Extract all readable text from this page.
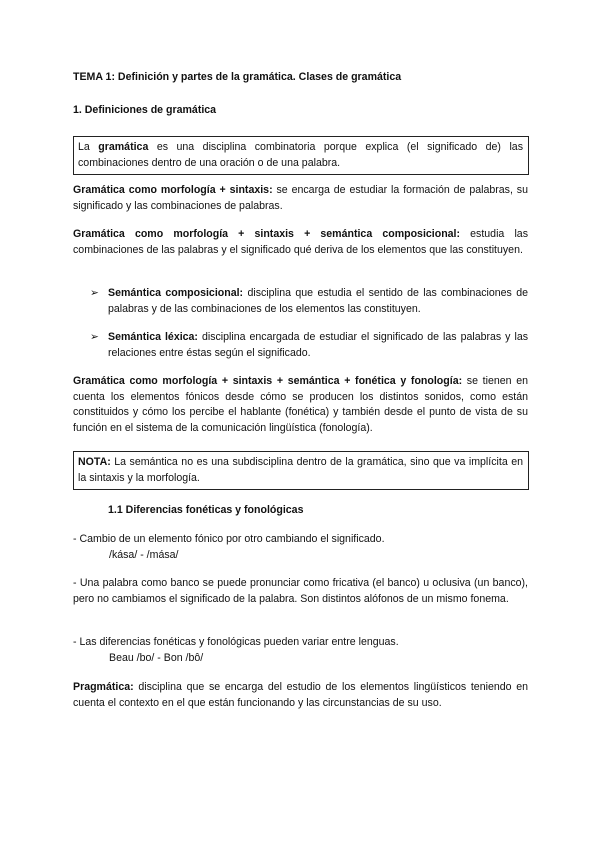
TEMA 1: Definición y partes de la gramática. Clases de gramática
1. Definiciones de gramática
La gramática es una disciplina combinatoria porque explica (el significado de) las combinaciones dentro de una oración o de una palabra.
Gramática como morfología + sintaxis: se encarga de estudiar la formación de palabras, su significado y las combinaciones de palabras.
Gramática como morfología + sintaxis + semántica composicional: estudia las combinaciones de las palabras y el significado qué deriva de los elementos que las constituyen.
➢ Semántica composicional: disciplina que estudia el sentido de las combinaciones de palabras y de las combinaciones de los elementos las constituyen.
➢ Semántica léxica: disciplina encargada de estudiar el significado de las palabras y las relaciones entre éstas según el significado.
Gramática como morfología + sintaxis + semántica + fonética y fonología: se tienen en cuenta los elementos fónicos desde cómo se producen los distintos sonidos, como están constituidos y cómo los percibe el hablante (fonética) y también desde el punto de vista de su función en el sistema de la comunicación lingüística (fonología).
NOTA: La semántica no es una subdisciplina dentro de la gramática, sino que va implícita en la sintaxis y la morfología.
1.1 Diferencias fonéticas y fonológicas
- Cambio de un elemento fónico por otro cambiando el significado.
/kása/ - /mása/
- Una palabra como banco se puede pronunciar como fricativa (el banco) u oclusiva (un banco), pero no cambiamos el significado de la palabra. Son distintos alófonos de un mismo fonema.
- Las diferencias fonéticas y fonológicas pueden variar entre lenguas.
Beau /bo/ - Bon /bô/
Pragmática: disciplina que se encarga del estudio de los elementos lingüísticos teniendo en cuenta el contexto en el que están funcionando y las circunstancias de su uso.
